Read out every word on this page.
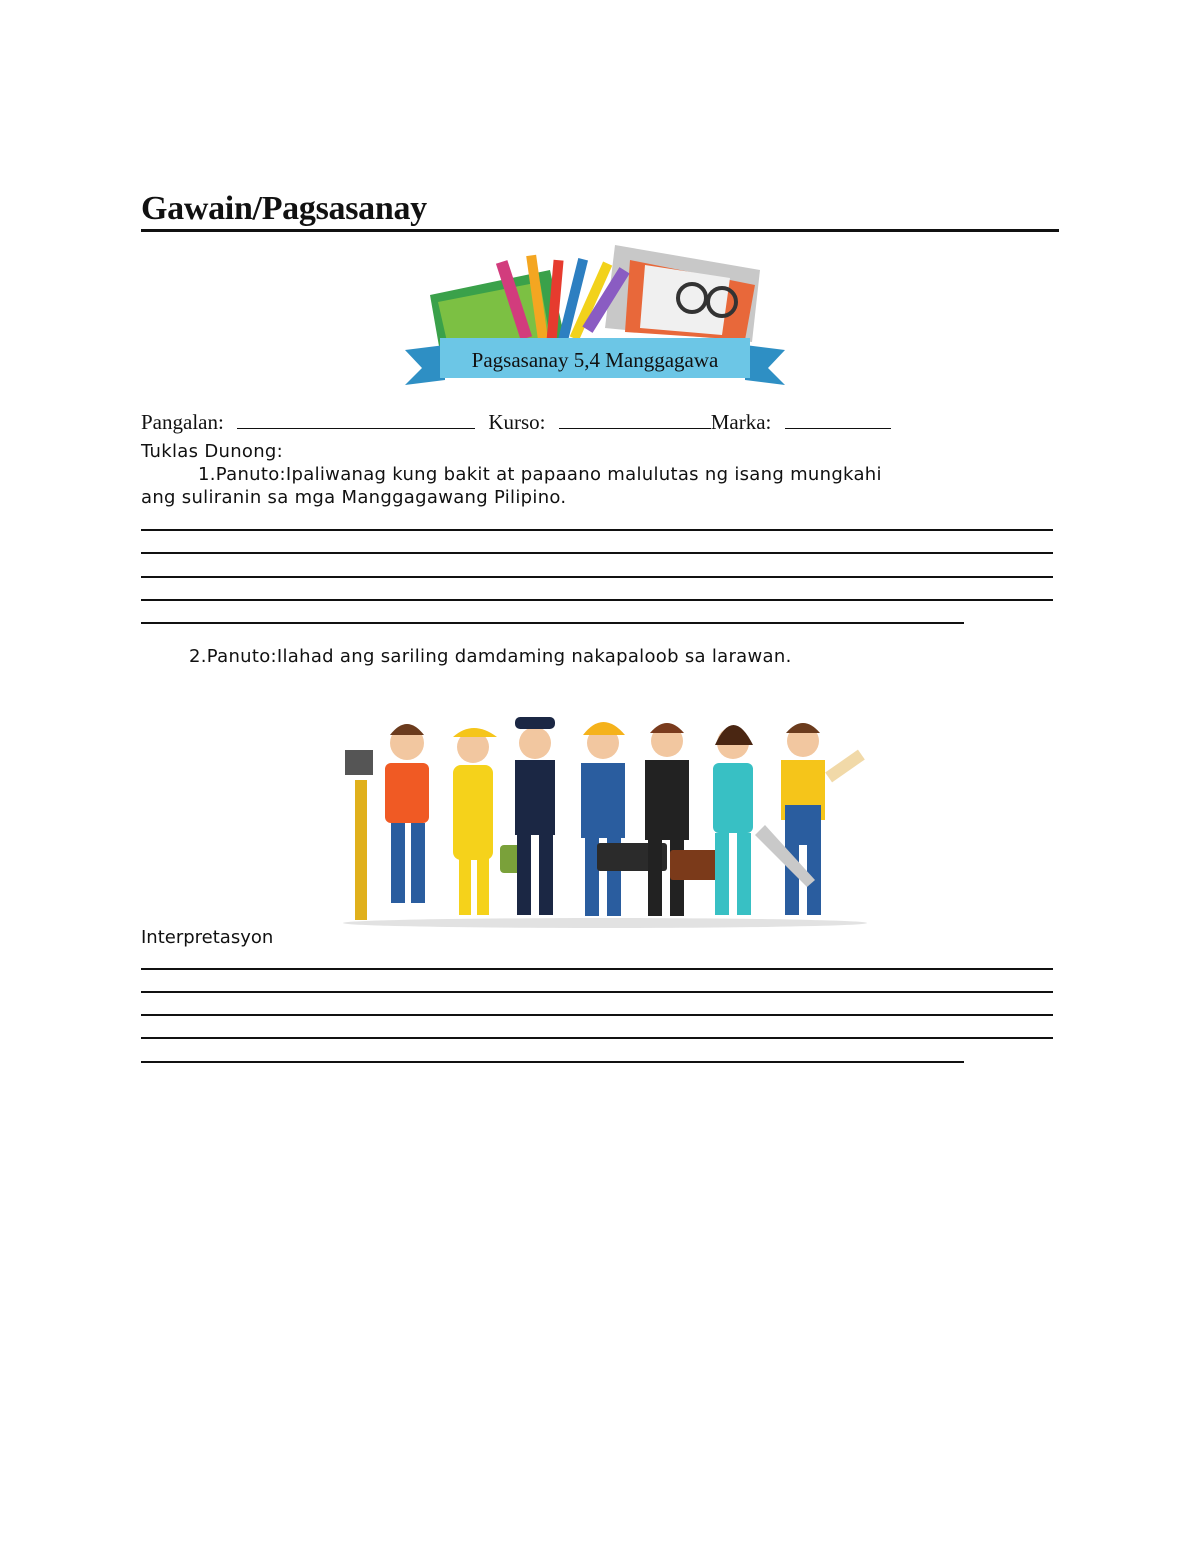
Gawain/Pagsasanay
Pagsasanay 5,4 Manggagawa
Pangalan:	Kurso:	Marka:
Tuklas Dunong:
1.Panuto:Ipaliwanag kung bakit at papaano malulutas ng isang mungkahi
ang suliranin sa mga Manggagawang Pilipino.
2.Panuto:Ilahad ang sariling damdaming nakapaloob sa larawan.
Interpretasyon
